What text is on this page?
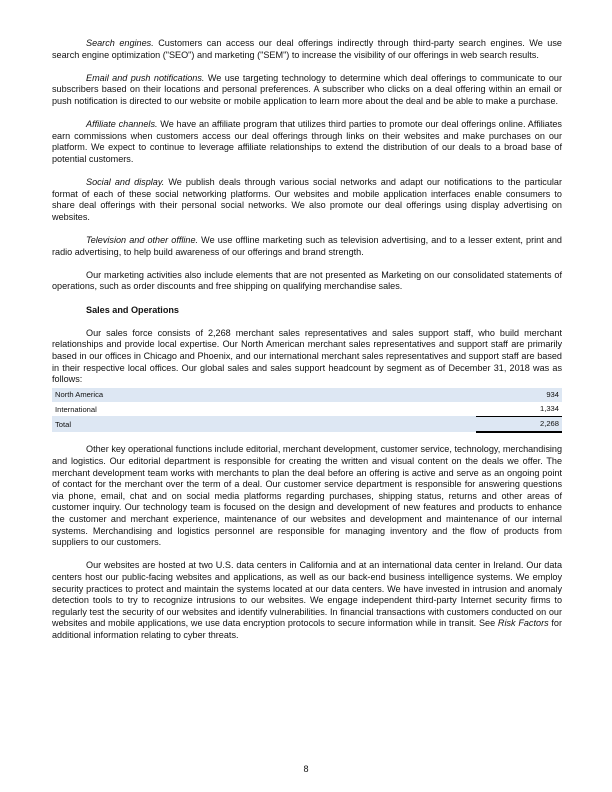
Search engines. Customers can access our deal offerings indirectly through third-party search engines. We use search engine optimization ("SEO") and marketing ("SEM") to increase the visibility of our offerings in web search results.

Email and push notifications. We use targeting technology to determine which deal offerings to communicate to our subscribers based on their locations and personal preferences. A subscriber who clicks on a deal offering within an email or push notification is directed to our website or mobile application to learn more about the deal and be able to make a purchase.

Affiliate channels. We have an affiliate program that utilizes third parties to promote our deal offerings online. Affiliates earn commissions when customers access our deal offerings through links on their websites and make purchases on our platform. We expect to continue to leverage affiliate relationships to extend the distribution of our deals to a broad base of potential customers.

Social and display. We publish deals through various social networks and adapt our notifications to the particular format of each of these social networking platforms. Our websites and mobile application interfaces enable consumers to share deal offerings with their personal social networks. We also promote our deal offerings using display advertising on websites.

Television and other offline. We use offline marketing such as television advertising, and to a lesser extent, print and radio advertising, to help build awareness of our offerings and brand strength.

Our marketing activities also include elements that are not presented as Marketing on our consolidated statements of operations, such as order discounts and free shipping on qualifying merchandise sales.

Sales and Operations

Our sales force consists of 2,268 merchant sales representatives and sales support staff, who build merchant relationships and provide local expertise. Our North American merchant sales representatives and support staff are primarily based in our offices in Chicago and Phoenix, and our international merchant sales representatives and support staff are based in their respective local offices. Our global sales and sales support headcount by segment as of December 31, 2018 was as follows:

North America	934
International	1,334
Total	2,268

Other key operational functions include editorial, merchant development, customer service, technology, merchandising and logistics. Our editorial department is responsible for creating the written and visual content on the deals we offer. The merchant development team works with merchants to plan the deal before an offering is active and serve as an ongoing point of contact for the merchant over the term of a deal. Our customer service department is responsible for answering questions via phone, email, chat and on social media platforms regarding purchases, shipping status, returns and other areas of customer inquiry. Our technology team is focused on the design and development of new features and products to enhance the customer and merchant experience, maintenance of our websites and development and maintenance of our internal systems. Merchandising and logistics personnel are responsible for managing inventory and the flow of products from suppliers to our customers.

Our websites are hosted at two U.S. data centers in California and at an international data center in Ireland. Our data centers host our public-facing websites and applications, as well as our back-end business intelligence systems. We employ security practices to protect and maintain the systems located at our data centers. We have invested in intrusion and anomaly detection tools to try to recognize intrusions to our websites. We engage independent third-party Internet security firms to regularly test the security of our websites and identify vulnerabilities. In financial transactions with customers conducted on our websites and mobile applications, we use data encryption protocols to secure information while in transit. See Risk Factors for additional information relating to cyber threats.

8
